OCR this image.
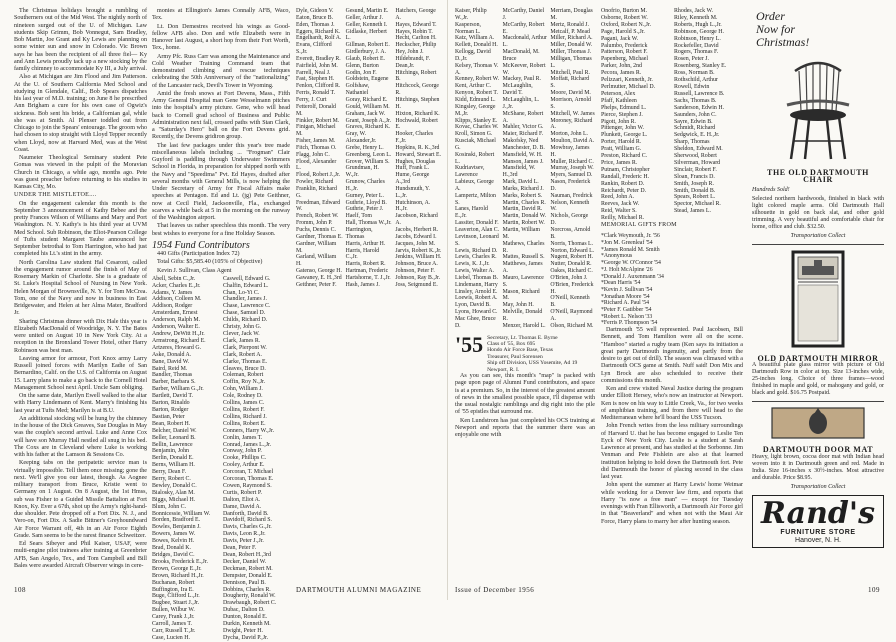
The Christmas holidays brought a rumbling of Southerners out of the Mid West. The nightly north of nineteen surged out of the U. of Michigan. Law students Skip Grimm, Bob Vonnegut, Sam Bradley, Bob Martin, Joe Grant and Ky Lewis are planning on some winter sun and snow in Colorado. Vic Brown says he has been the recipient of all three fiel— Ky and Ann Lewis proudly tack up a new stocking by the family chimney to accommodate Ky III, a July arrival.

Also at Michigan are Jim Flood and Jim Patterson. At the U. of Southern California Med School and studying in Glendale, Calif., Bob Spears dispatches his last year of M.D. training; on June 8 he prescribed Ann Brigham a cure for his own case of Ogwiz's sickness. Bob sent his bride, a Californian gal, while she was at Smith. Al Plenser toddled out from Chicago to join the Spears' entourage. The groom who had chosen to stop straight with Lloyd Tepper recently when Lloyd, now at Harvard Med, was at the West Coast.

Naumeier Theological Seminary student Pete Gomas was viewed in the pulpit of the Moravian Church in Chicago, a while ago, months ago. Pete was guest preacher before returning to his studies in Kansas City, Mo.

UNDER THE MISTLETOE....

On the engagement calendar this month is the September 3 announcement of Kathy Bebee and the pretty Frances Wilson of Williams and Mary and Port Washington. N. Y. Kathy's is his third year at UVM Med School. Sub Robinson, the Eliot-Pearson College of Tufts student Margaret Taube announced her September betrothal to Tom Harrington, who had just completed his Lt.'s stint in the army.

North Carolina Law student Hal Cesaroni, called the engagement rumor around the finish of May of Rosemary Markin of Charlotte. She is a graduate of St. Luke's Hospital School of Nursing in New York. Helen Morgan of Brownsville, N. Y. for Tom McCrea. Tom, one of the Navy and now in business in East Bridgewater, and Helen at her Alma Mater, Bradford Jr.

Sharing Christmas dinner with Dix Hale this year is Elizabeth MacDonald of Woodridge, N. Y. The Bates were united on August 10 in New York City. At a reception in the Bronxland Tower Hotel, other Harry Robinson was best man.

Leaving armor for armour, Fort Knox army Larry Russell joined forces with Marilyn Eadie of San Bernardino, Calif. on the U.S. of California on August 15. Larry plans to make a go back to the Cornell Hotel Management School next April. Uncle Sam obliging.

On the same date, Marilyn Ewell walked to the altar with Harry Lindemann of Kent. Marry's finishing his last year at Tufts Med; Marilyn is at B.U.

An additional stocking will be hung by the chimney in the house of the Dick Greaves, Sue Douglas in May was the couple's second arrival. Luke and Anne Cox will have son Murray Hall nestled all snug in his bed. The Coxs are in Cleveland where Luke is working with his father at the Lamson & Sessions Co.

Keeping tabs on the peripatetic service man is virtually impossible. Tell them once missing; gone the next. We'll give you our latest, though. As Aognee military transport from Bruce, Kristie went to Germany on 1 August. On 8 August, the 1st Hmss, sub was Fisher to a Guided Missile Battalion at Fort Knox, Ky. Ever a 67th, shot up the Army's right-hand-due shoulder. Pete dropped off a Fort Dix. N. J., and Vero-on, Fort Dix. A Sadie Bittner's Greyhoundward Air Force Warrant off, 4th in an Air Force Eighth Grade. Sam seems to be the rarest finance Schweitzer.

Ed Sears Sibeyer and Phil Kaiser, USAF, were multi-engine pilot trainees after training at Greenbrier AFB, San Angelo, Tex., and Tom Campbell and Bill Bales were awarded Aircraft Observer wings in cere-

monies at Ellington's James Connally AFB, Waco, Tex.

Lt. Don Demestres received his wings as Good- fellow AFB also. Don and wife Elizabeth were in Hanover last August, a short hop from their Fort Worth, Tex., home.

Army Pfc. Russ Carr was among the Maintenance and Cold Weather Training Command team that demonstrated climbing and rescue techniques celebrating the 50th Anniversary of the "nationalizing" of the Lancaster rack, Devil's Tower in Wyoming.

Amid the fresh snows at Fort Devens, Mass., Fifth Army General Hospital man Gene Wesselmann pitches into the hospital's army picture. Gene, who will head back to Cornell grad school of Business and Public Administration next fall, crossed paths with Stan Clark, a "Saturday's Hero" ball on the Fort Devens grid. Recently, the Devens gridiron group.

The last few packages under this year's tree made miscellaneous labels including ... "Frogman" Clair Guyford is paddling through Underwater Swimmers School in Florida, in preparation for shipped north with the Navy and "Speedima" Pvt. Ed Hayes, drafted after several months with General Mills, is now helping the Under Secretary of Army for Fiscal Affairs make speeches at Pentagon. Ed and Lt. (jg) Pete Geithner, now at Cecil Field, Jacksonville, Fla., exchanged scarves a while back at 5 in the morning on the runway of the Washington airport.

That leaves us rather speechless this month. The very best wishes to everyone for a fine Holiday Season.

1954 Fund Contributors

440 Gifts (Participation Index 72)

Total Gifts: $5,585.40 (105% of Objective)

Kevin J. Sullivan, Class Agent

Abell, Sebin C.,Jr.
Acker, Charles E.,Jr.
Adams, Y. James
Addison, Colleen M.
Addison, Rodger
Amsterdam, Ernest
Anderson, Ralph M.
Anderson, Walter E.
Andrew, DeWitt H.,Jr.
Armstrong, Richard E.
Artzeres, Howard G.
Aske, Donald A.
Bane, David W.
Baird, Reid M.
Bandler, Thomas
Barber, Barbara S.
Barber, William G.,Jr.
Bartlett, David T.
Barton, Rinaldo
Barton, Rodger
Bastian, Peter
Bean, Robert H.
Belcher, Daniel W.
Beller, Leonard B.
Bellin, Lawrence
Benjamin, John
Berlin, Donald E.
Berns, William H.
Berry, Dean F.
Berry, Robert C.
Bewley, Donald C.
Bialosky, Alan M.
Biggs, Michael H.
Blum, John C.
Bonnicessie, William W.
Borden, Bradford E.
Bowles, Benjamin J.
Bowers, James W.
Bowes, Kelvin H.
Brad, Donald K.
Bridges, David C.
Brooks, Frederick E.,Jr.
Brown, George E.,Jr.
Brown, Richard H.,Jr.
Buchanan, Robert
Buffington, Ira E.
Buge, Clifford L.,Jr.
Bugbee, Stuart J.,Jr.
Bullen, Wilbur W.
Carey, Frank J.,Jr.
Carroll, James T.
Carr, Russell T.,Jr.
Case, Lucien H.
Caswell, Edward G.
Chalfin, Edward L.
Chan, Lo-Yi C.
Chandler, James J.
Chase, Lawrence C.
Chase, Samuel D.
Childs, Richard D.
Christy, John G.
Clever, Jack W.
Clark, James R.
Clark, Pierpont W.
Clark, Robert A.
Clarke, Thomas E.
Cleaves, Bruce D.
Coleman, Robert
Coffin, Roy N.,Jr.
Cohn, William J.
Cole, Rodney D.
Collins, James C.
Collins, Robert F.
Collins, Richard J.
Collins, Robert E.
Conners, Harry W.,Jr.
Conlin, James T.
Conrad, James L.,Jr.
Conway, John P.
Cooke, Phillips C.
Cooley, Arthur E.
Corcoran, T. Michael
Corcoran, Thomas E.
Cowen, Raymond S.
Curtis, Robert P.
Dalton, Eliot A.
Dame, David A.
Danforth, David B.
Davidoff, Richard S.
Davis, Charles G.,Jr.
Davis, Leon R.,Jr.
Davis, Peter J.,Jr.
Dean, Peter F.
Dean, Robert H.,3rd
Decker, Daniel W.
Deckman, Robert M.
Dempster, Donald E.
Dennison, Paul B.
Dobbins, Charles R.
Dougherty, Ronald W.
Drawbaugh, Robert C.
Dubac, Dalton D.
Dunton, Ronald E.
Durkin, Kenneth M.
Dwight, Peter H.
Dycha, David P.,Jr.
Dyle, Gideon V.
Eaton, Bruce B.
Eden, Thomas J.
Eggers, Richard K.
Engelhardt, Rolf A.
Evans, Clifford S.,Jr.
Everett, Bradley R.
Fairfield, John M.
Farrell, Neal J.
Fast, Stephen H.
Fenlon, Clifford R.
Ferris, Ronald T.
Ferry, J. Curt
Fetterolf, Donald M.
Finkler, Robert M.
Finigan, Michael M.
Fisher, James M.
Fitch, Thomas O.
Flagg, John C.
Flood, Alexander L.
Flood, Robert J.,Jr.
Fowler, Richard
Franklin, Richard G.
Freedman, Edward W.
French, Robert W.
Fromm, John P.
Fuchs, Dennis C.
Gardner, Thomas E.
Gardner, William M.
Garland, William H.
Gatenso, George H.
Gawaney, E. H.,3rd
Geithner, Peter F.
Gesund, Martin E.
Geller, Arthur J.
Geller, Kenneth I.
Gidlaske, Herbert L.
Gillman, Robert E.
Girdlerbury, J. A.
Glaub, Robert E.
Glenn, Burton
Godin, Jon F.
Goldstein, Eugene
Golfshaw, Nathaniel
Goray, Richard E.
Gould, William M.
Graham, Jack W.
Grant, Joseph A.,Jr.
Graves, Richard K.
Gray, W. Alexander,Jr.
Grebe, Henry L.
Greenberg, Leon L.
Grover, William S.
Grundman, H. W.,Jr.
Grunow, Charles H.,Jr.
Gurney, Peter L.
Guthrie, Lloyd B.
Guthrie, Peter J.
Haelf, Tom
Hall, Thomas W.,Jr.
Harrington, Thomas
Harris, Arthur H.
Harris, Harold C.,Jr.
Harris, Robert R.
Hartman, Frederic
Hartshorne, T. J.,Jr.
Hash, James J.
Hatchers, George A.
Hayes, Edward T.
Hayes, Robin T.
Hecht, Carlton H.
Heckscher, Philip
Hey, John J.
Hildebrandt, F. Dean,Jr.
Hitchings, Robert B.
Hitchcock, George R.
Hitchings, Stephen H.
Hixton, Richard K.
Hochwald, Robert E.
Hooker, Charles F.,Jr.
Hopkins, R. K.,3rd
Howard, Stewart E.
Hughes, Douglas
Huff, Frank L.
Hume, George A.,3rd
Hundsmuth, Y. L.,Jr.
Hutchinson, A. H.,Jr.
Jacobson, Richard A.
Jacobs, Herbert R.
Jacobs, Edward I.
Jacques, John M.
Jarvis, Robert K.,Jr.
Jenkins, William H.
Johnson, Bruce A.
Johnson, Peter F.
Johnson, Ray B.,Jr.
Joss, Seigmund E.
Kaiser, Philip W.,Jr.
Kasperson, Norman L.
Katz, William A.
Kellett, Donald H.
Kellogg, David D.,Jr.
Kelsey, Thomas V. A.
Kenney, Robert W.
Kent, Arthur C.
Kenyon, Robert T.
Kidd, Edmund L.
Kingsley, George M.,Jr.
Klipps, Stanley E.
Kovac, Charles W.
Kroll, Simon G.
Kusciak, Michael G.
Kosinski, Robert L.
Kudriavtsev, Lawrence
Labieux, George A.
Lampertz, Milton S.
Lanes, Harold E.,Jr.
Lassiter, Donald F.
Leaverton, Alan C.
Levinson, Leonard S.
Lewis, Richard D.
Lewis, Charles R.
Lewis, K. J.,Jr.
Lewis, Walter A.
Liebel, Thomas B.
Lindemann, Harry
Linsley, Arnold E.
Loewis, Robert A.
Lyon, David B.
Lyons, Howard C.
Mac Ghee, Bruce D.
McCarthy, Daniel J.
McCarthy, Robert E.
Macdonald, Arthur L.
MacDonald, M. Bruce
McKeever, Robert W.
Mackey, Paul R.
McLaughlin, David T.
McLaughlin, L. J.,Jr.
McShane, Robert A.
Mahler, Victor G.
Maier, Richard F.
Makofsky, Ned
Manchester, D. B.
Mansfield, W. H.
Manson, James J.
Mansfield, W. H.,3rd
Mark, David L.
Marks, Richard J.
Marks, Robert S.
Martin, Charles R.
Martin, David R.
Martin, Donald W.
Martin, Robert W.
Martin, William M.
Mathews, Charles R.
Mattes, Russell S.
Matthews, James A.
Mauro, Lawrence S.
Mason, Richard M.
May, John H.
Melville, Donald R.
Menzer, Harold L.
Merriam, Douglas M.
Mertz, Ronald J.
Metcalf, P. Mead
Miller, Richard A.
Miller, Donald W.
Miller, Thomas J.
Milligan, Thomas L.
Mitchell, Paul R.
Moffatt, Richard S.
Moore, David M.
Morrison, Arnold S.
Mitchell, W. James
Moroney, Richard A.
Morton, John L.
Moulton, David A.
Mowbray, James H.
Muller, Richard C.
Murray, Joseph W.
Myers, Samuel D.
Nason, Frederick D.
Nauman, Fredrick
Nelson, Kenneth W.
Nichols, George D.
Norcross, Arnold B.
Norris, Thomas L.
Norton, Edward L.
Nugent, Robert H.
Nutter, Donald R.
Oakes, Richard C.
O'Brien, John J.
O'Brien, Frederick H.
O'Neill, Kenneth B.
O'Neill, Raymond A.
Olson, Richard M.
'55 Secretary, Lt. Thomas E. Byrne
Class of '55, Box 695
Hondo Air Force Base, Texas
Treasurer, Paul Sorensen
Ship off Division, USS Yosemite, Ad 19
Newport, R. I.

As you can see, this month's "map" is packed with page upon page of Alumni Fund contributors, and space is at a premium. So, in the interest of the greatest amount of news in the smallest possible space, I'll dispense with the usual nostalgic ramblings and dig right into the pile of '55 epistles that surround me.

Ken Lundstrom has just completed his OCS training at Newport and reports that the summer there was an enjoyable one with

Onofrio, Burton M.
Osborne, Robert W.
Oxford, Robert N.,Jr.
Page, Harold S.,Jr.
Pagani, Jack W.
Palumbo, Frederick
Patterson, Robert F.
Papenberg, Michael
Parker, John, 2nd
Pecora, James R.
Pelizzari, Kenneth, Jr.
Perlmutter, Michael D.
Peterson, Alex
Pfaff, Kathleen
Phelps, Edmund L.
Pierce, Stephen J.
Pigott, John R.
Pittenger, John W.
Plunkett, George L.
Porter, Harold R.
Pratt, William G.
Preston, Richard C.
Price, James R.
Putnam, Christopher
Randall, Frederic H.
Rankin, Robert D.
Reichardt, Peter D.
Reed, John A.
Reeves, Jack W.
Reid, Walter S.
Reilly, Michael R.
Rhodes, Jack W.
Riley, Kenneth M.
Roberts, Hugh L.,Jr.
Robinson, George H.
Robinson, Henry L.
Rockefeller, David
Rogers, Thomas F.
Rosen, Peter J.
Rosenberg, Stanley E.
Ross, Norman B.
Rothschild, Arthur
Rowell, Edwin
Russell, Lawrence B.
Sachs, Thomas B.
Sanderson, Edwin H.
Saunders, John C.
Sayre, Edwin B.
Schmidt, Richard
Sedgwick, E. H.,Jr.
Sharp, Thomas
Sheldon, Edward M.
Sherwood, Robert
Silverman, Howard
Sinclair, Robert F.
Sloan, Francis D.
Smith, Joseph R.
Smith, Donald B.
Spears, Robert L.
Spector, Michael R.
Stead, James L.

MEMORIAL GIFTS FROM

*Clark Weymouth, Jr. '56
*Jon M. Greenleaf '54
*James Ronald M. Smith
*Anonymous
*George W. O'Connor '54
*J. Holt McAlpine '26
*Donald J. Auxenmann '34
*Dean Harris '54
*Kevin J. Sullivan '54
*Jonathan Moore '54
*Richard A. Paul '54
*Peter F. Gatibber '54
*Robert L. Nelson '33
*Ferris P. Thompson '54

Dartmouth '55 well represented. Paul Jacobsen, Bill Bennett, and Tom Hamilton were all on the scene. "Hamboo" started a rugby team (Ken says its initiation a great party Dartmouth ingenuity, and partly from the desire to get out of drill). The season was climaxed with a Dartmouth OCS game at Smith. Nuff said! Don Mix and Lyn Brock are also scheduled to receive their commissions this month.

Ken and crew visited Naval Justice during the program under Elliott Hersey, who's now an instructor at Newport. Ken is now on his way to Little Creek, Va., for two weeks of amphibian training, and from there will head to the Mediterranean where he'll board the USS Tucson.

John French writes from the less military surroundings of Harvard U. that he has become engaged to Leslie Ten Eyck of New York City. Leslie is a student at Sarah Lawrence at present, and has studied at the Sorbonne. Jim Venman and Pete Fishlein are also at that learned institution helping to hold down the Dartmouth fort. Pete did Dartmouth the honor of placing second in the class last year.

John spent the summer at Harry Lewis' home Weimar while working for a Denver law firm, and reports that Harry "is now a free man" — except for Tuesday evenings with Fran Ellisworth, a Dartmouth Air Force girl in that "Beaverland" and when not with the Maui Air Force, Harry plans to marry her after hunting season.

Order
Now for
Christmas!
THE OLD DARTMOUTH CHAIR
Hundreds Sold!
Selected northern hardwoods, finished in black with light colored maple arms. Old Dartmouth Hall silhouette in gold on back slat, and other gold trimming. A very beautiful and comfortable chair for home, office and club. $32.50.
Transportation Collect
OLD DARTMOUTH MIRROR
A beautiful plate glass mirror with picture of Old Dartmouth Row in color at top. Size 13-inches wide, 25-inches long. Choice of three frames—wood finished in maple and gold, or mahogany and gold, or black and gold. $16.75 Postpaid.
DARTMOUTH DOOR MAT
Heavy, light brown, cocoa door mat with Indian head woven into it in Dartmouth green and red. Made in India. Size 16-inches x 30½-inches. Most attractive and durable. Price $8.95.
Transportation Collect
Rand's
FURNITURE STORE
Hanover, N. H.
108	DARTMOUTH ALUMNI MAGAZINE	Issue of December 1956	109
